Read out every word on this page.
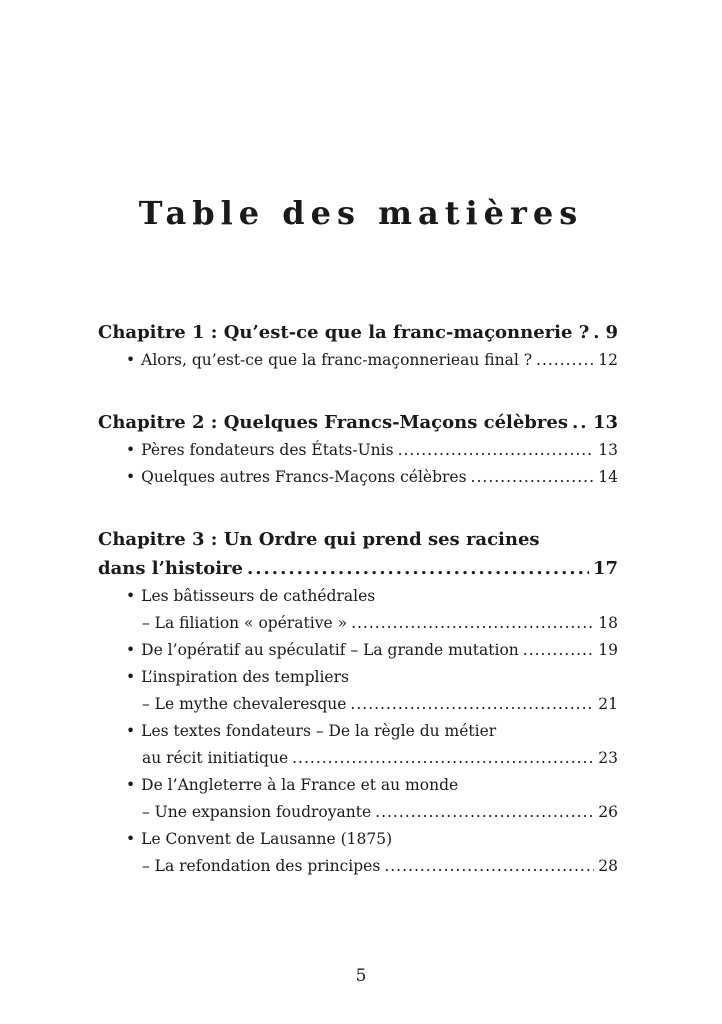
Table des matières
Chapitre 1 : Qu’est-ce que la franc-maçonnerie ? ..... 9
• Alors, qu’est-ce que la franc-maçonnerieau final ? .....	12
Chapitre 2 : Quelques Francs-Maçons célèbres ..... 13
• Pères fondateurs des États-Unis .....	13
• Quelques autres Francs-Maçons célèbres .....	14
Chapitre 3 : Un Ordre qui prend ses racines
dans l’histoire .....	17
• Les bâtisseurs de cathédrales
– La filiation « opérative » .....	18
• De l’opératif au spéculatif – La grande mutation .....	19
• L’inspiration des templiers
– Le mythe chevaleresque .....	21
• Les textes fondateurs – De la règle du métier
au récit initiatique .....	23
• De l’Angleterre à la France et au monde
– Une expansion foudroyante .....	26
• Le Convent de Lausanne (1875)
– La refondation des principes .....	28
5
